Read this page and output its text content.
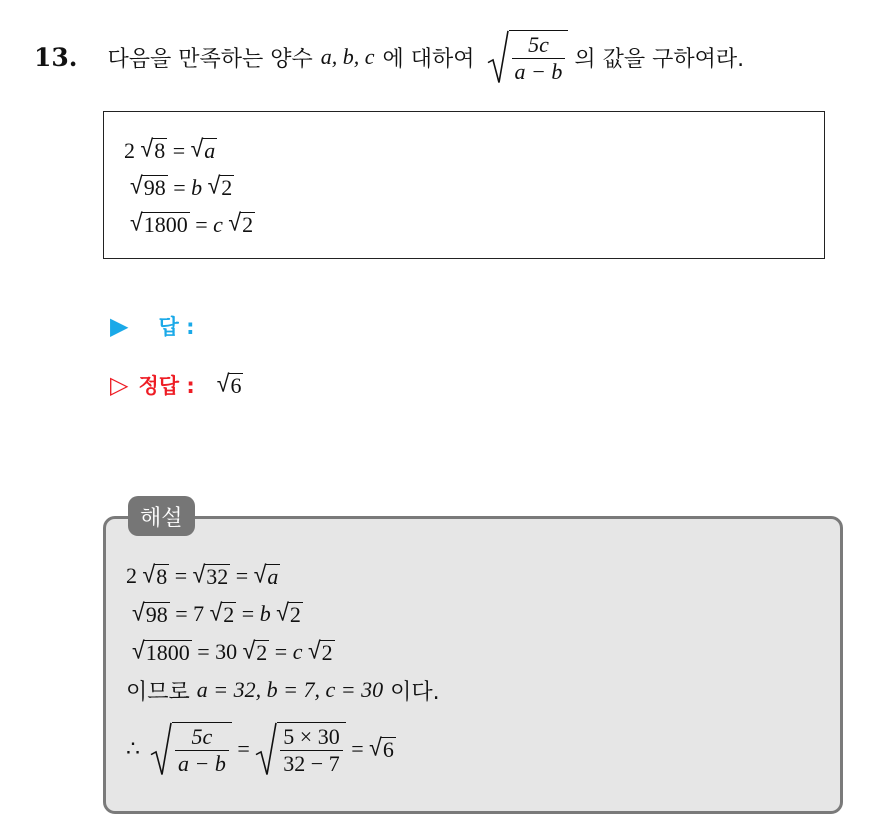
13. 다음을 만족하는 양수 a, b, c 에 대하여 $\frac{5c}{a - b}$ 의 값을 구하여라.
2
√ 8
=
√ a
√ 98
=
b
√ 2
√ 1800
=
c
√ 2
▶ 답 :
▷ 정답 : √ 6
해설
2
√ 8
=
√ 32
=
√ a
√ 98
=
7
√ 2
=
b
√ 2
√ 1800
=
30
√ 2
=
c
√ 2
이므로
a = 32, b = 7, c = 30
이다.
∴ $\frac{5c}{a - b}$
=
$\frac{5 \times 30}{32 - 7}$
=
√ 6
